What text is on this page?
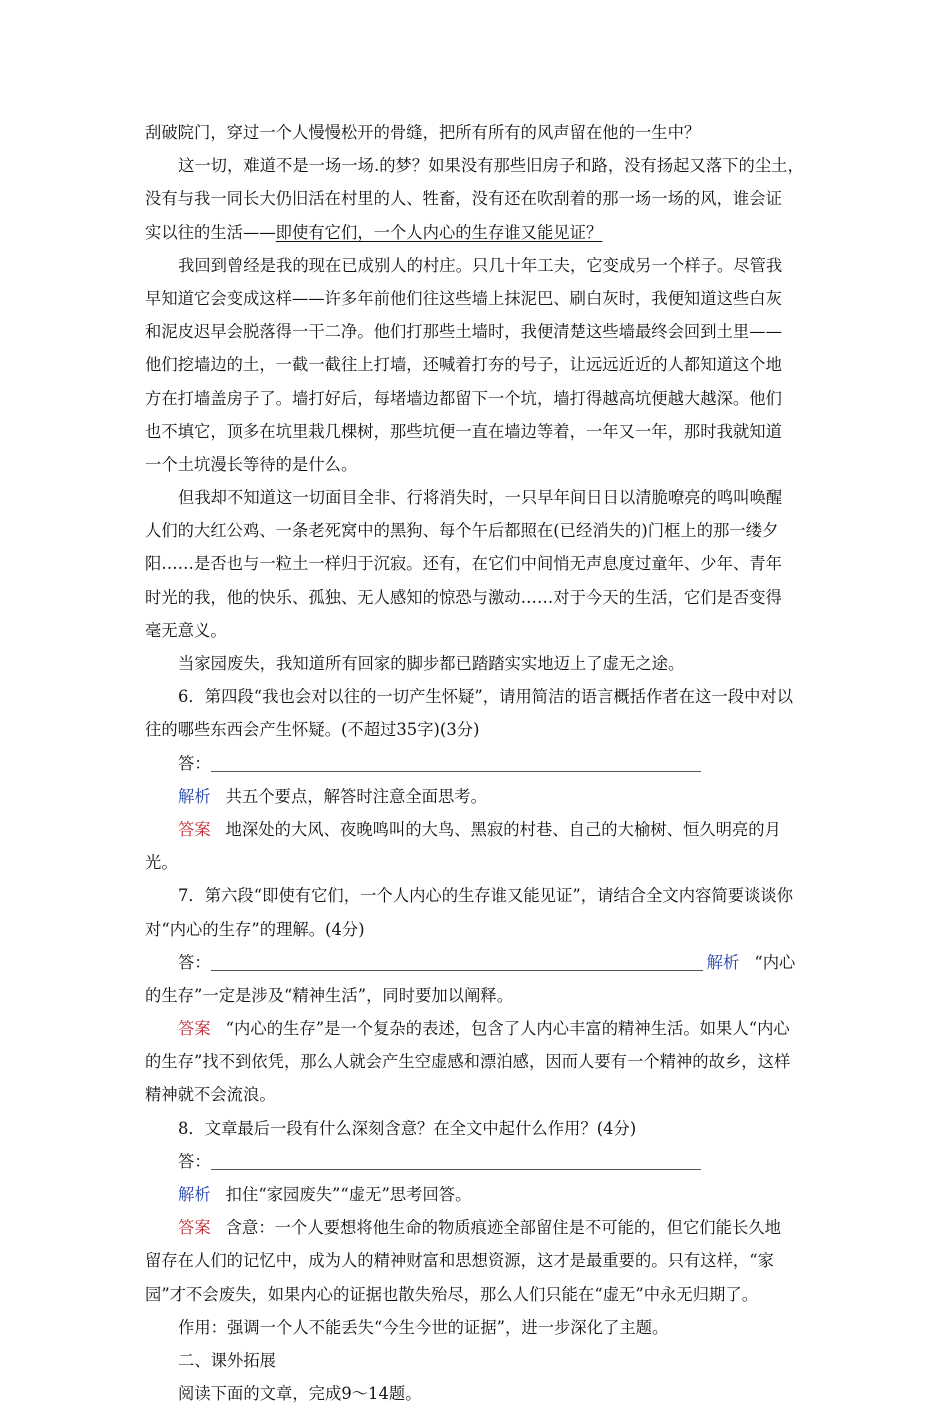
刮破院门，穿过一个人慢慢松开的骨缝，把所有所有的风声留在他的一生中？
这一切，难道不是一场一场.的梦？如果没有那些旧房子和路，没有扬起又落下的尘土，
没有与我一同长大仍旧活在村里的人、牲畜，没有还在吹刮着的那一场一场的风，谁会证
实以往的生活——即使有它们，一个人内心的生存谁又能见证？
我回到曾经是我的现在已成别人的村庄。只几十年工夫，它变成另一个样子。尽管我
早知道它会变成这样——许多年前他们往这些墙上抹泥巴、刷白灰时，我便知道这些白灰
和泥皮迟早会脱落得一干二净。他们打那些土墙时，我便清楚这些墙最终会回到土里——
他们挖墙边的土，一截一截往上打墙，还喊着打夯的号子，让远远近近的人都知道这个地
方在打墙盖房子了。墙打好后，每堵墙边都留下一个坑，墙打得越高坑便越大越深。他们
也不填它，顶多在坑里栽几棵树，那些坑便一直在墙边等着，一年又一年，那时我就知道
一个土坑漫长等待的是什么。
但我却不知道这一切面目全非、行将消失时，一只早年间日日以清脆嘹亮的鸣叫唤醒
人们的大红公鸡、一条老死窝中的黑狗、每个午后都照在(已经消失的)门框上的那一缕夕
阳……是否也与一粒土一样归于沉寂。还有，在它们中间悄无声息度过童年、少年、青年
时光的我，他的快乐、孤独、无人感知的惊恐与激动……对于今天的生活，它们是否变得
毫无意义。
当家园废失，我知道所有回家的脚步都已踏踏实实地迈上了虚无之途。
6．第四段“我也会对以往的一切产生怀疑”，请用简洁的语言概括作者在这一段中对以
往的哪些东西会产生怀疑。(不超过35字)(3分)
答：
解析 共五个要点，解答时注意全面思考。
答案 地深处的大风、夜晚鸣叫的大鸟、黑寂的村巷、自己的大榆树、恒久明亮的月
光。
7．第六段“即使有它们，一个人内心的生存谁又能见证”，请结合全文内容简要谈谈你
对“内心的生存”的理解。(4分)
答：	解析 “内心
的生存”一定是涉及“精神生活”，同时要加以阐释。
答案 “内心的生存”是一个复杂的表述，包含了人内心丰富的精神生活。如果人“内心
的生存”找不到依凭，那么人就会产生空虚感和漂泊感，因而人要有一个精神的故乡，这样
精神就不会流浪。
8．文章最后一段有什么深刻含意？在全文中起什么作用？(4分)
答：
解析 扣住“家园废失”“虚无”思考回答。
答案 含意：一个人要想将他生命的物质痕迹全部留住是不可能的，但它们能长久地
留存在人们的记忆中，成为人的精神财富和思想资源，这才是最重要的。只有这样，“家
园”才不会废失，如果内心的证据也散失殆尽，那么人们只能在“虚无”中永无归期了。
作用：强调一个人不能丢失“今生今世的证据”，进一步深化了主题。
二、课外拓展
阅读下面的文章，完成9～14题。
